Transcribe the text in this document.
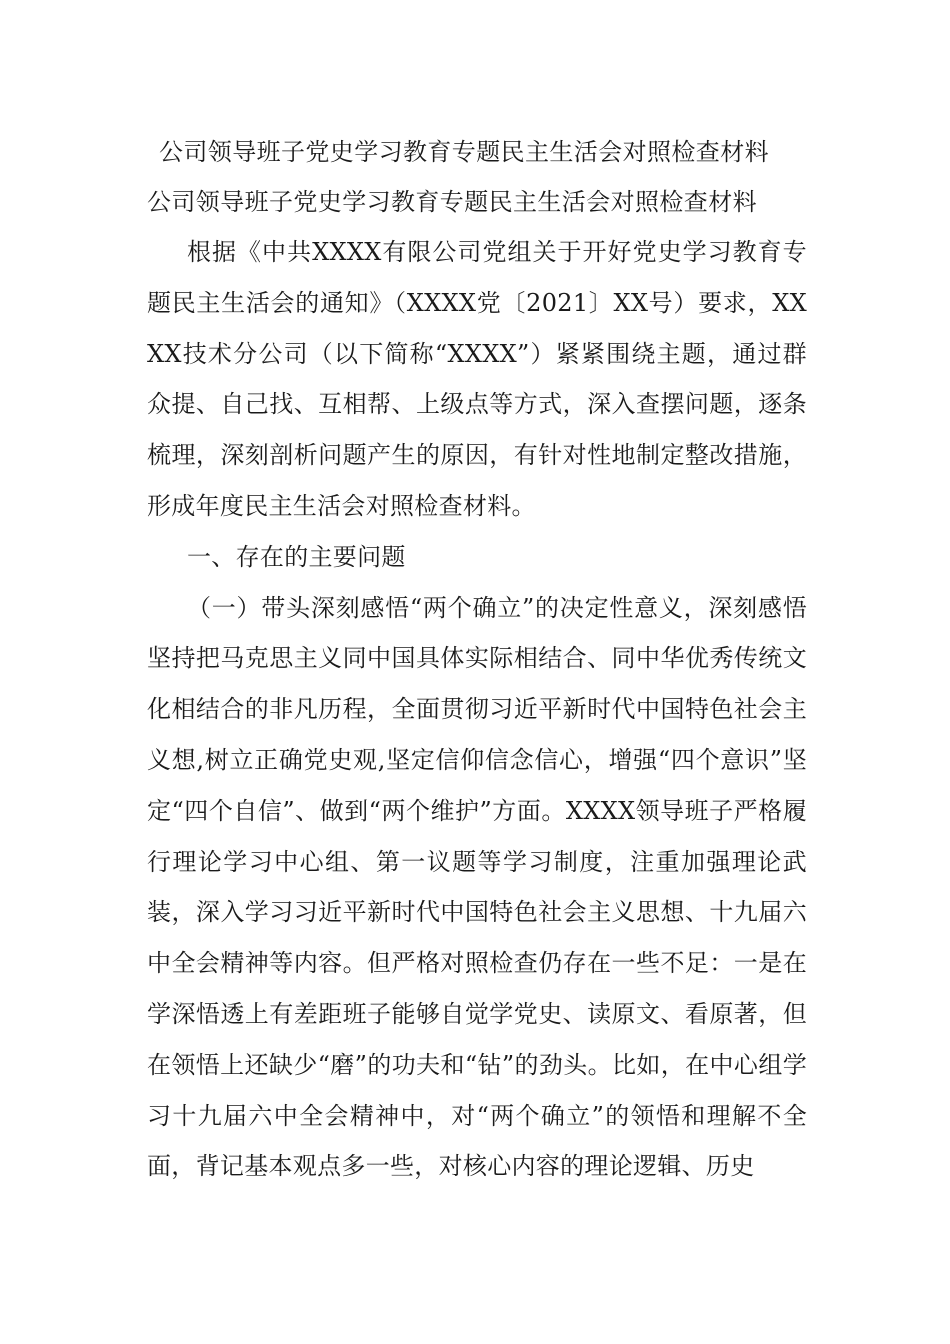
公司领导班子党史学习教育专题民主生活会对照检查材料
公司领导班子党史学习教育专题民主生活会对照检查材料

根据《中共XXXX有限公司党组关于开好党史学习教育专题民主生活会的通知》（XXXX党〔2021〕XX号）要求，XXXX技术分公司（以下简称“XXXX”）紧紧围绕主题，通过群众提、自己找、互相帮、上级点等方式，深入查摆问题，逐条梳理，深刻剖析问题产生的原因，有针对性地制定整改措施，形成年度民主生活会对照检查材料。

一、存在的主要问题

（一）带头深刻感悟“两个确立”的决定性意义，深刻感悟坚持把马克思主义同中国具体实际相结合、同中华优秀传统文化相结合的非凡历程，全面贯彻习近平新时代中国特色社会主义想,树立正确党史观,坚定信仰信念信心，增强“四个意识”坚定“四个自信”、做到“两个维护”方面。XXXX领导班子严格履行理论学习中心组、第一议题等学习制度，注重加强理论武装，深入学习习近平新时代中国特色社会主义思想、十九届六中全会精神等内容。但严格对照检查仍存在一些不足：一是在学深悟透上有差距班子能够自觉学党史、读原文、看原著，但在领悟上还缺少“磨”的功夫和“钻”的劲头。比如，在中心组学习十九届六中全会精神中，对“两个确立”的领悟和理解不全面，背记基本观点多一些，对核心内容的理论逻辑、历史
